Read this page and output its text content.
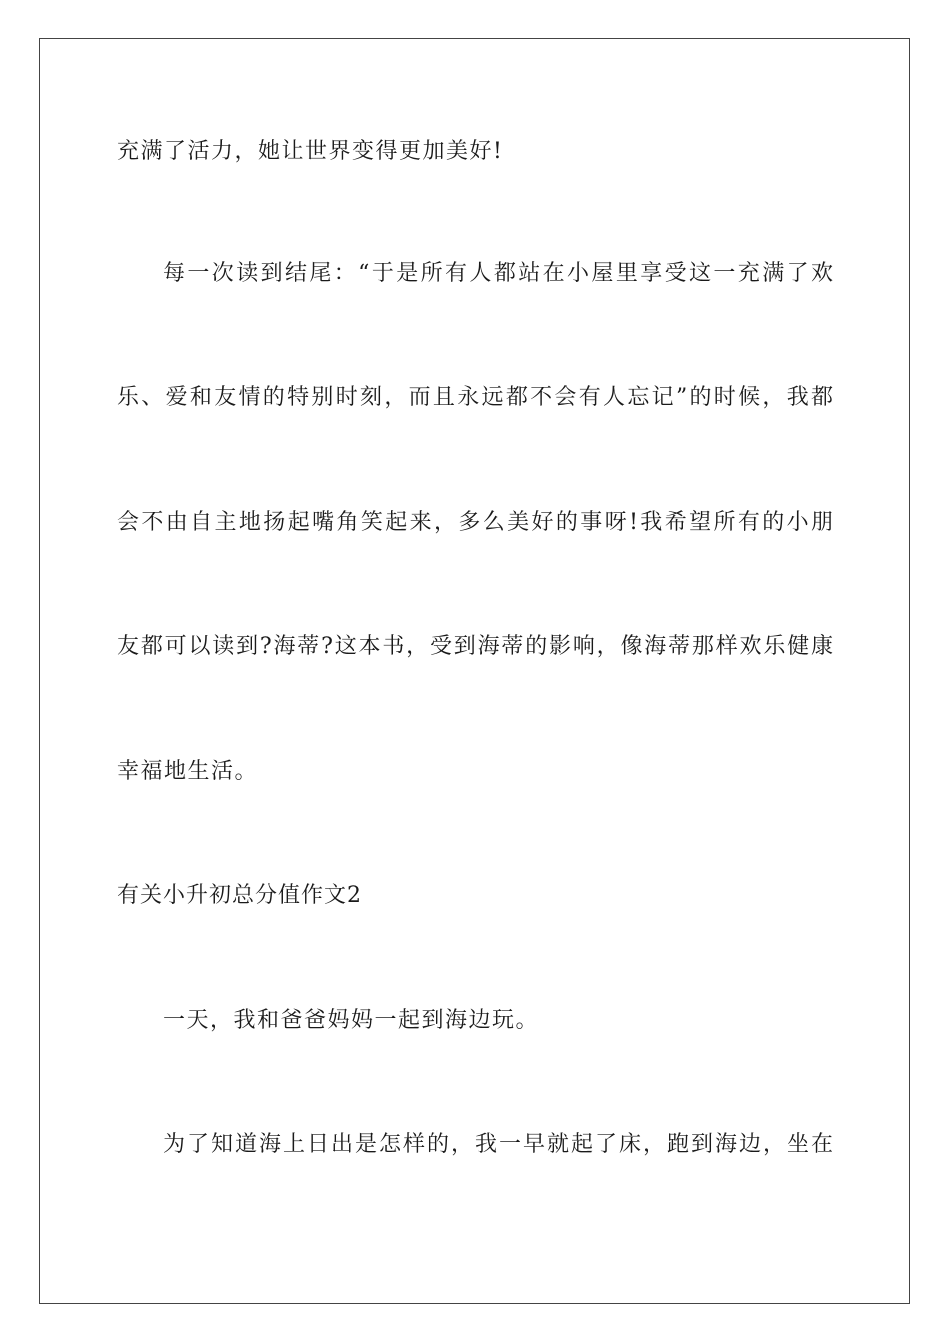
充满了活力，她让世界变得更加美好!
每一次读到结尾：“于是所有人都站在小屋里享受这一充满了欢
乐、爱和友情的特别时刻，而且永远都不会有人忘记”的时候，我都
会不由自主地扬起嘴角笑起来，多么美好的事呀!我希望所有的小朋
友都可以读到?海蒂?这本书，受到海蒂的影响，像海蒂那样欢乐健康
幸福地生活。
有关小升初总分值作文2
一天，我和爸爸妈妈一起到海边玩。
为了知道海上日出是怎样的，我一早就起了床，跑到海边，坐在
